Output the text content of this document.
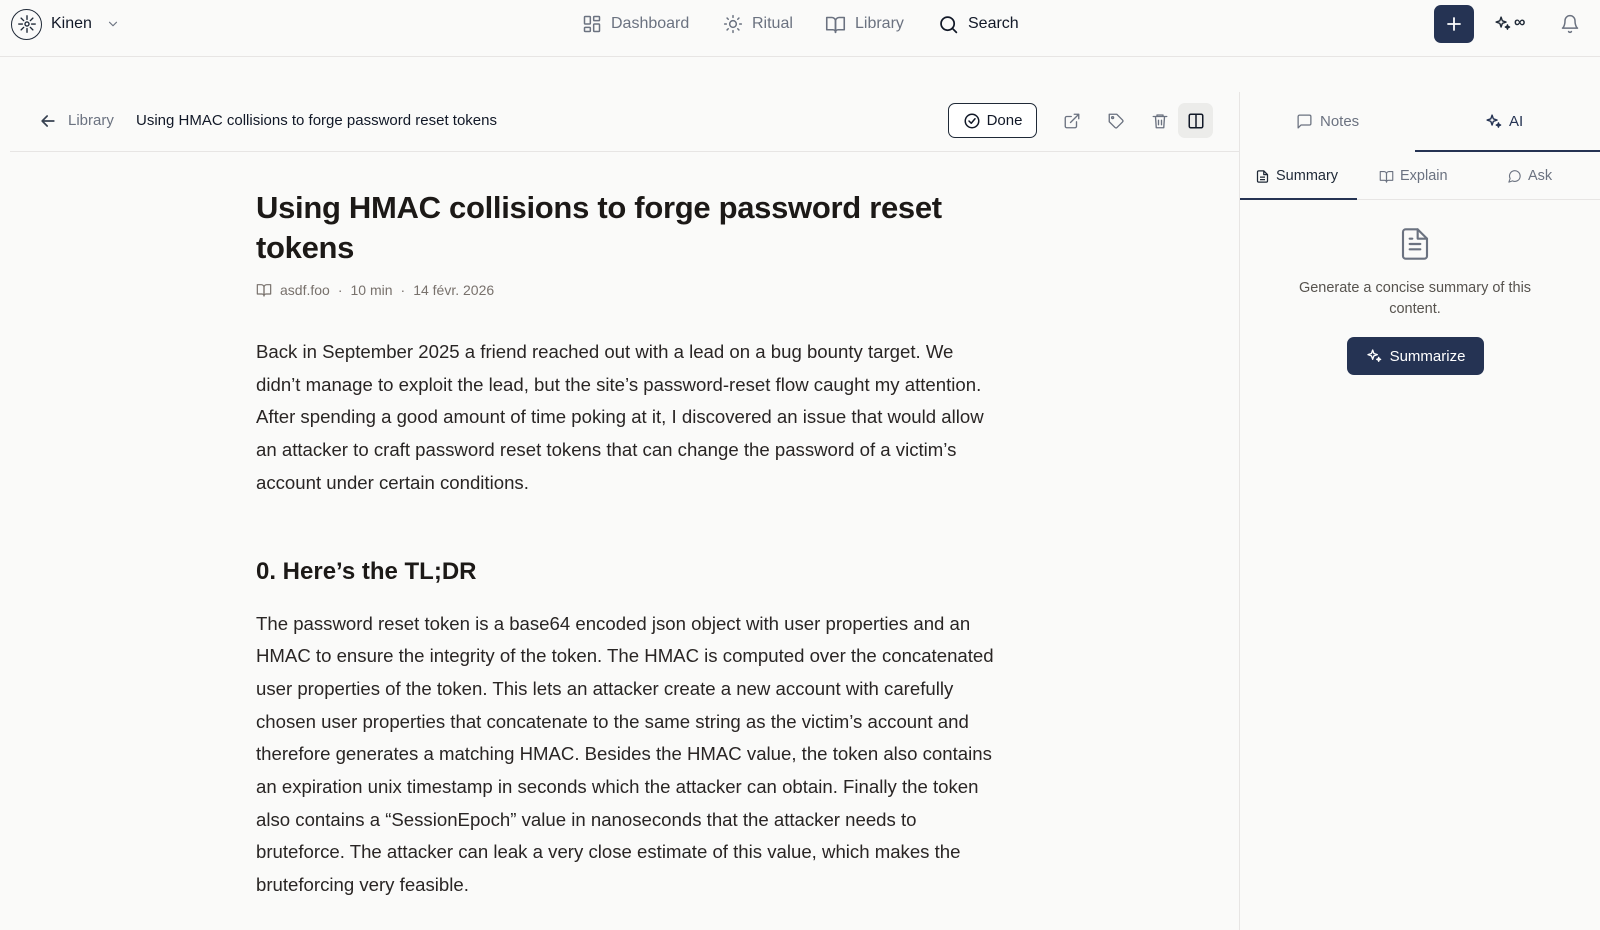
Kinen	Dashboard	Ritual	Library	Search	∞
Library Using HMAC collisions to forge password reset tokens	Done
Using HMAC collisions to forge password reset tokens
asdf.foo · 10 min · 14 févr. 2026

Back in September 2025 a friend reached out with a lead on a bug bounty target. We didn’t manage to exploit the lead, but the site’s password-reset flow caught my attention. After spending a good amount of time poking at it, I discovered an issue that would allow an attacker to craft password reset tokens that can change the password of a victim’s account under certain conditions.

0. Here’s the TL;DR

The password reset token is a base64 encoded json object with user properties and an HMAC to ensure the integrity of the token. The HMAC is computed over the concatenated user properties of the token. This lets an attacker create a new account with carefully chosen user properties that concatenate to the same string as the victim’s account and therefore generates a matching HMAC. Besides the HMAC value, the token also contains an expiration unix timestamp in seconds which the attacker can obtain. Finally the token also contains a “SessionEpoch” value in nanoseconds that the attacker needs to bruteforce. The attacker can leak a very close estimate of this value, which makes the bruteforcing very feasible.

Notes	AI
Summary	Explain	Ask

Generate a concise summary of this content.

Summarize
